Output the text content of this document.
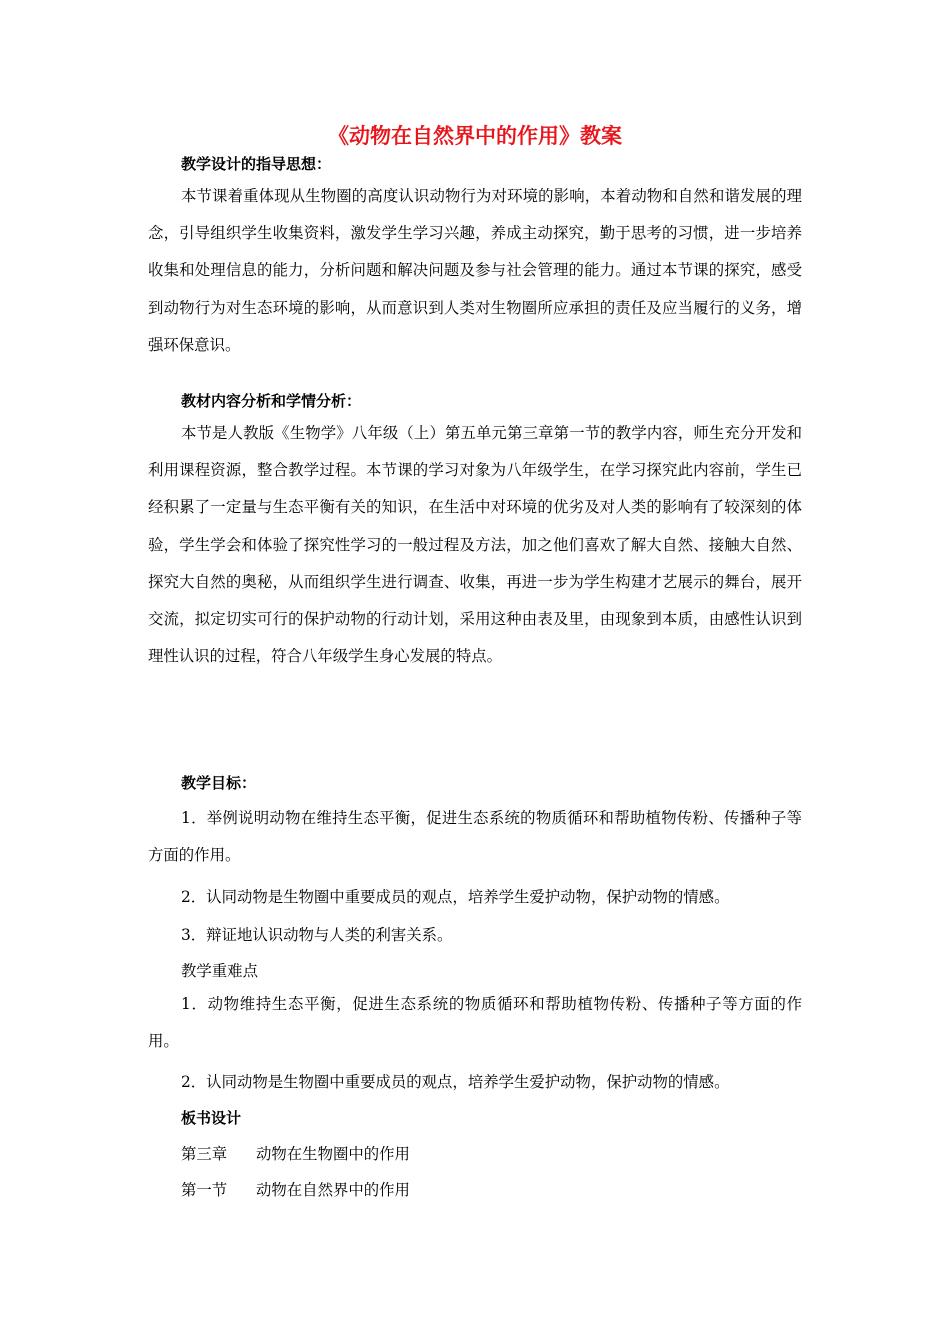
《动物在自然界中的作用》教案
教学设计的指导思想：
本节课着重体现从生物圈的高度认识动物行为对环境的影响，本着动物和自然和谐发展的理念，引导组织学生收集资料，激发学生学习兴趣，养成主动探究，勤于思考的习惯，进一步培养收集和处理信息的能力，分析问题和解决问题及参与社会管理的能力。通过本节课的探究，感受到动物行为对生态环境的影响，从而意识到人类对生物圈所应承担的责任及应当履行的义务，增强环保意识。
教材内容分析和学情分析：
本节是人教版《生物学》八年级（上）第五单元第三章第一节的教学内容，师生充分开发和利用课程资源，整合教学过程。本节课的学习对象为八年级学生，在学习探究此内容前，学生已经积累了一定量与生态平衡有关的知识，在生活中对环境的优劣及对人类的影响有了较深刻的体验，学生学会和体验了探究性学习的一般过程及方法，加之他们喜欢了解大自然、接触大自然、探究大自然的奥秘，从而组织学生进行调查、收集，再进一步为学生构建才艺展示的舞台，展开交流，拟定切实可行的保护动物的行动计划，采用这种由表及里，由现象到本质，由感性认识到理性认识的过程，符合八年级学生身心发展的特点。
教学目标：
1．举例说明动物在维持生态平衡，促进生态系统的物质循环和帮助植物传粉、传播种子等方面的作用。
2．认同动物是生物圈中重要成员的观点，培养学生爱护动物，保护动物的情感。
3．辩证地认识动物与人类的利害关系。
教学重难点
1．动物维持生态平衡，促进生态系统的物质循环和帮助植物传粉、传播种子等方面的作用。
2．认同动物是生物圈中重要成员的观点，培养学生爱护动物，保护动物的情感。
板书设计
第三章 动物在生物圈中的作用
第一节 动物在自然界中的作用
